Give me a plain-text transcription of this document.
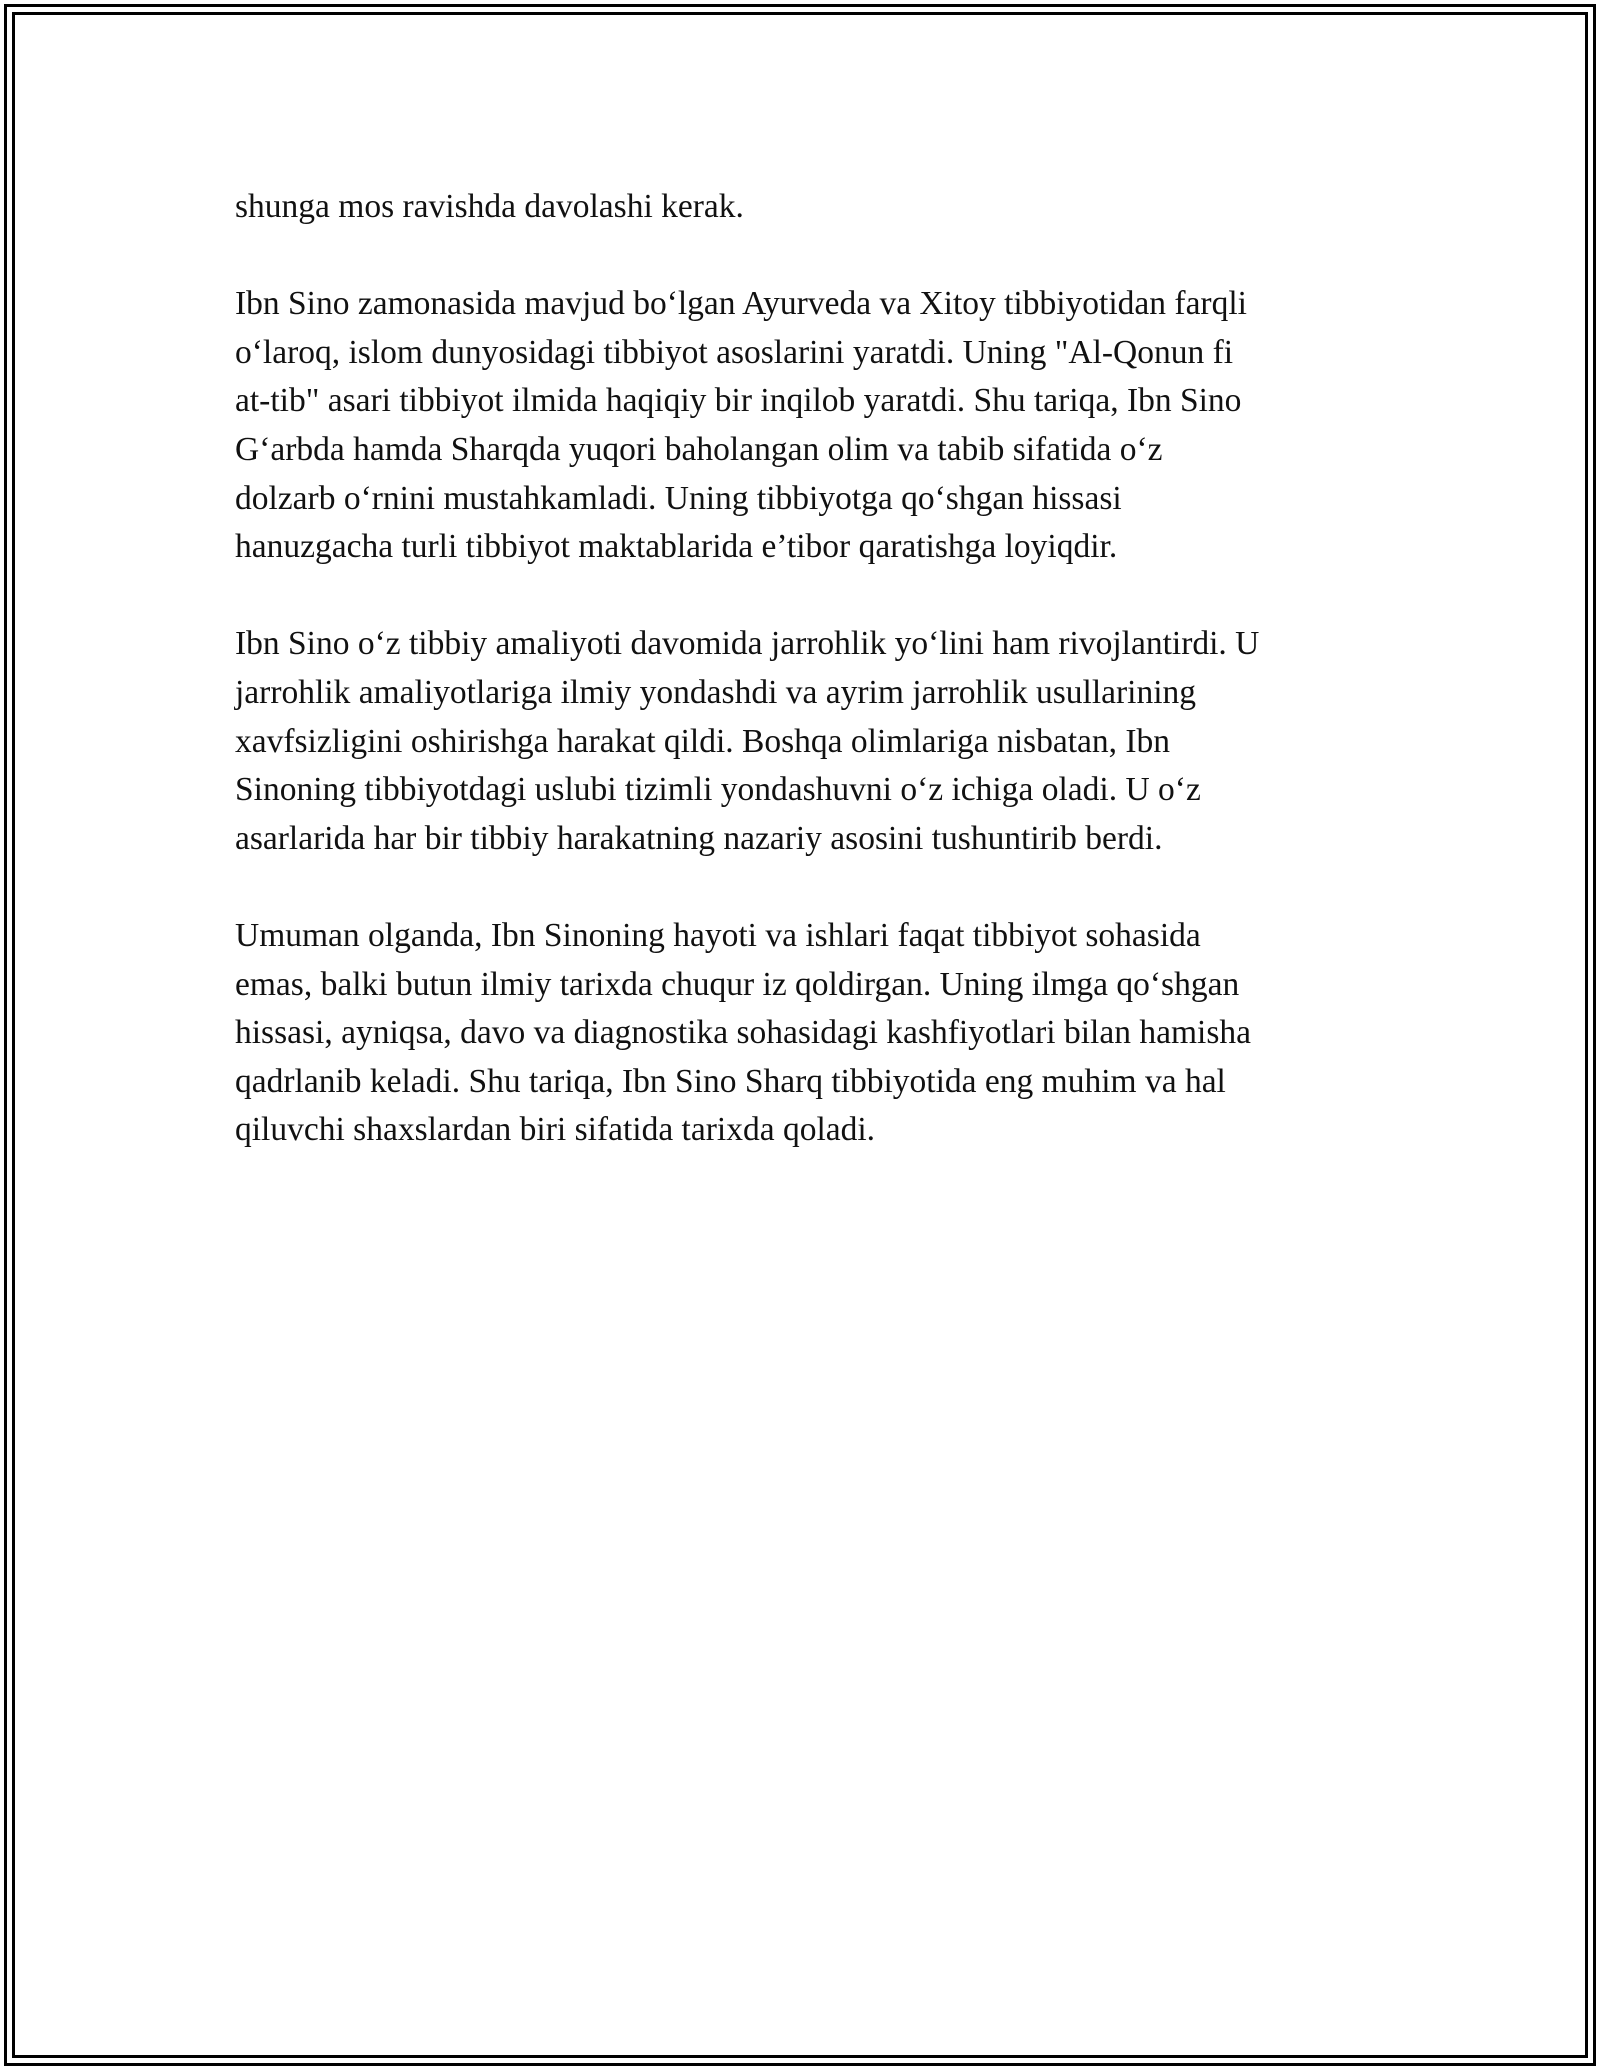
shunga mos ravishda davolashi kerak.

Ibn Sino zamonasida mavjud bo‘lgan Ayurveda va Xitoy tibbiyotidan farqli
o‘laroq, islom dunyosidagi tibbiyot asoslarini yaratdi. Uning "Al-Qonun fi
at-tib" asari tibbiyot ilmida haqiqiy bir inqilob yaratdi. Shu tariqa, Ibn Sino
G‘arbda hamda Sharqda yuqori baholangan olim va tabib sifatida o‘z
dolzarb o‘rnini mustahkamladi. Uning tibbiyotga qo‘shgan hissasi
hanuzgacha turli tibbiyot maktablarida e’tibor qaratishga loyiqdir.

Ibn Sino o‘z tibbiy amaliyoti davomida jarrohlik yo‘lini ham rivojlantirdi. U
jarrohlik amaliyotlariga ilmiy yondashdi va ayrim jarrohlik usullarining
xavfsizligini oshirishga harakat qildi. Boshqa olimlariga nisbatan, Ibn
Sinoning tibbiyotdagi uslubi tizimli yondashuvni o‘z ichiga oladi. U o‘z
asarlarida har bir tibbiy harakatning nazariy asosini tushuntirib berdi.

Umuman olganda, Ibn Sinoning hayoti va ishlari faqat tibbiyot sohasida
emas, balki butun ilmiy tarixda chuqur iz qoldirgan. Uning ilmga qo‘shgan
hissasi, ayniqsa, davo va diagnostika sohasidagi kashfiyotlari bilan hamisha
qadrlanib keladi. Shu tariqa, Ibn Sino Sharq tibbiyotida eng muhim va hal
qiluvchi shaxslardan biri sifatida tarixda qoladi.
